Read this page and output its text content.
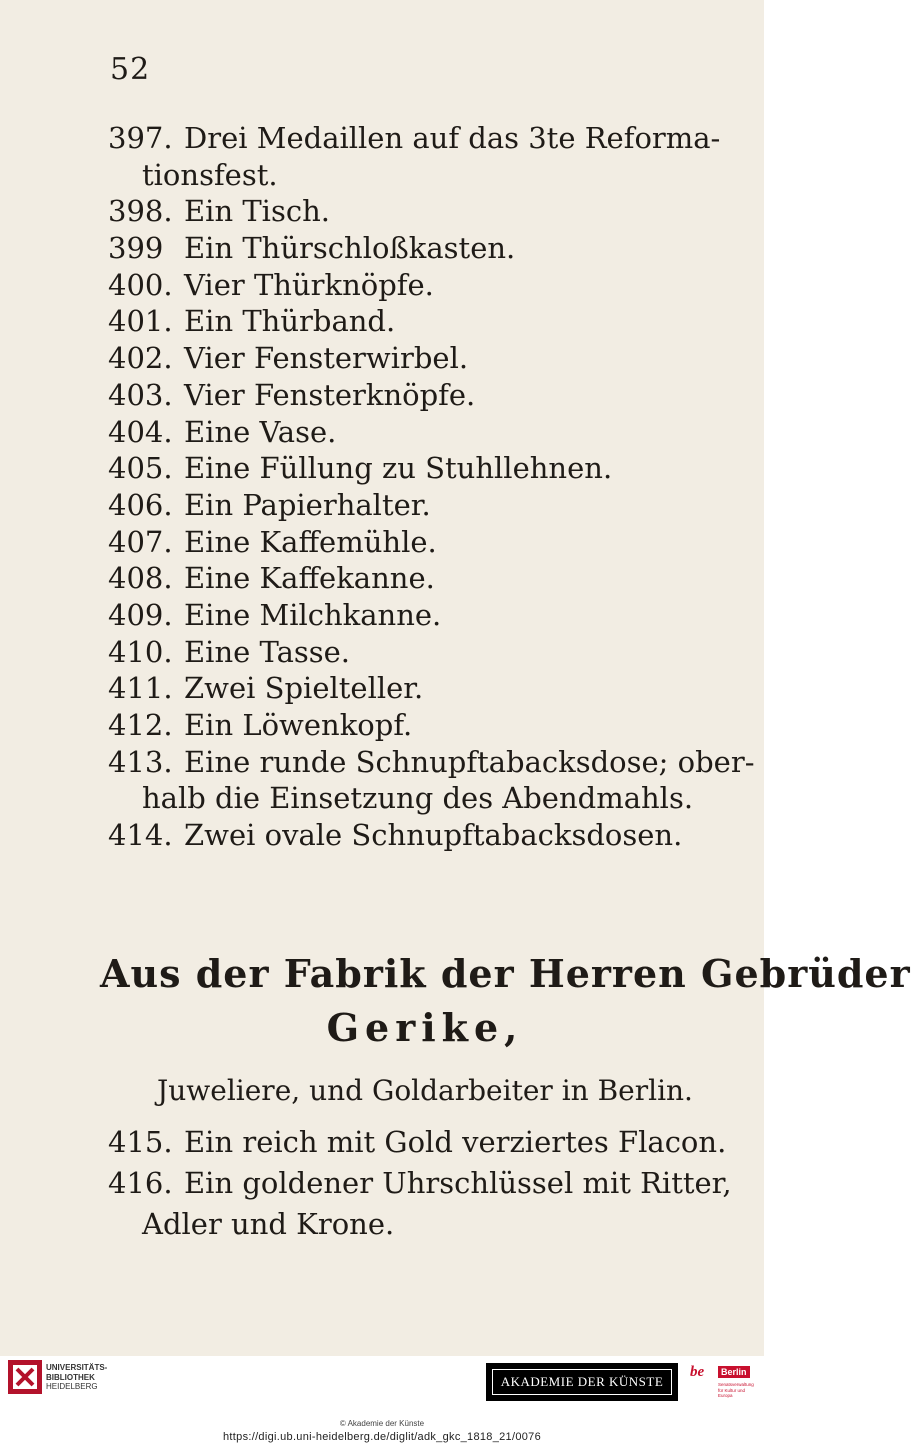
52
397. Drei Medaillen auf das 3te Reforma-
tionsfest.
398. Ein Tisch.
399 Ein Thürschloßkasten.
400. Vier Thürknöpfe.
401. Ein Thürband.
402. Vier Fensterwirbel.
403. Vier Fensterknöpfe.
404. Eine Vase.
405. Eine Füllung zu Stuhllehnen.
406. Ein Papierhalter.
407. Eine Kaffemühle.
408. Eine Kaffekanne.
409. Eine Milchkanne.
410. Eine Tasse.
411. Zwei Spielteller.
412. Ein Löwenkopf.
413. Eine runde Schnupftabacksdose; ober-
halb die Einsetzung des Abendmahls.
414. Zwei ovale Schnupftabacksdosen.
Aus der Fabrik der Herren Gebrüder
Gerike,
Juweliere, und Goldarbeiter in Berlin.
415. Ein reich mit Gold verziertes Flacon.
416. Ein goldener Uhrschlüssel mit Ritter,
Adler und Krone.
UNIVERSITÄTS-
BIBLIOTHEK
HEIDELBERG	AKADEMIE DER KÜNSTE
be	Berlin
Senatsverwaltung
für Kultur und Europa
© Akademie der Künste
https://digi.ub.uni-heidelberg.de/diglit/adk_gkc_1818_21/0076
